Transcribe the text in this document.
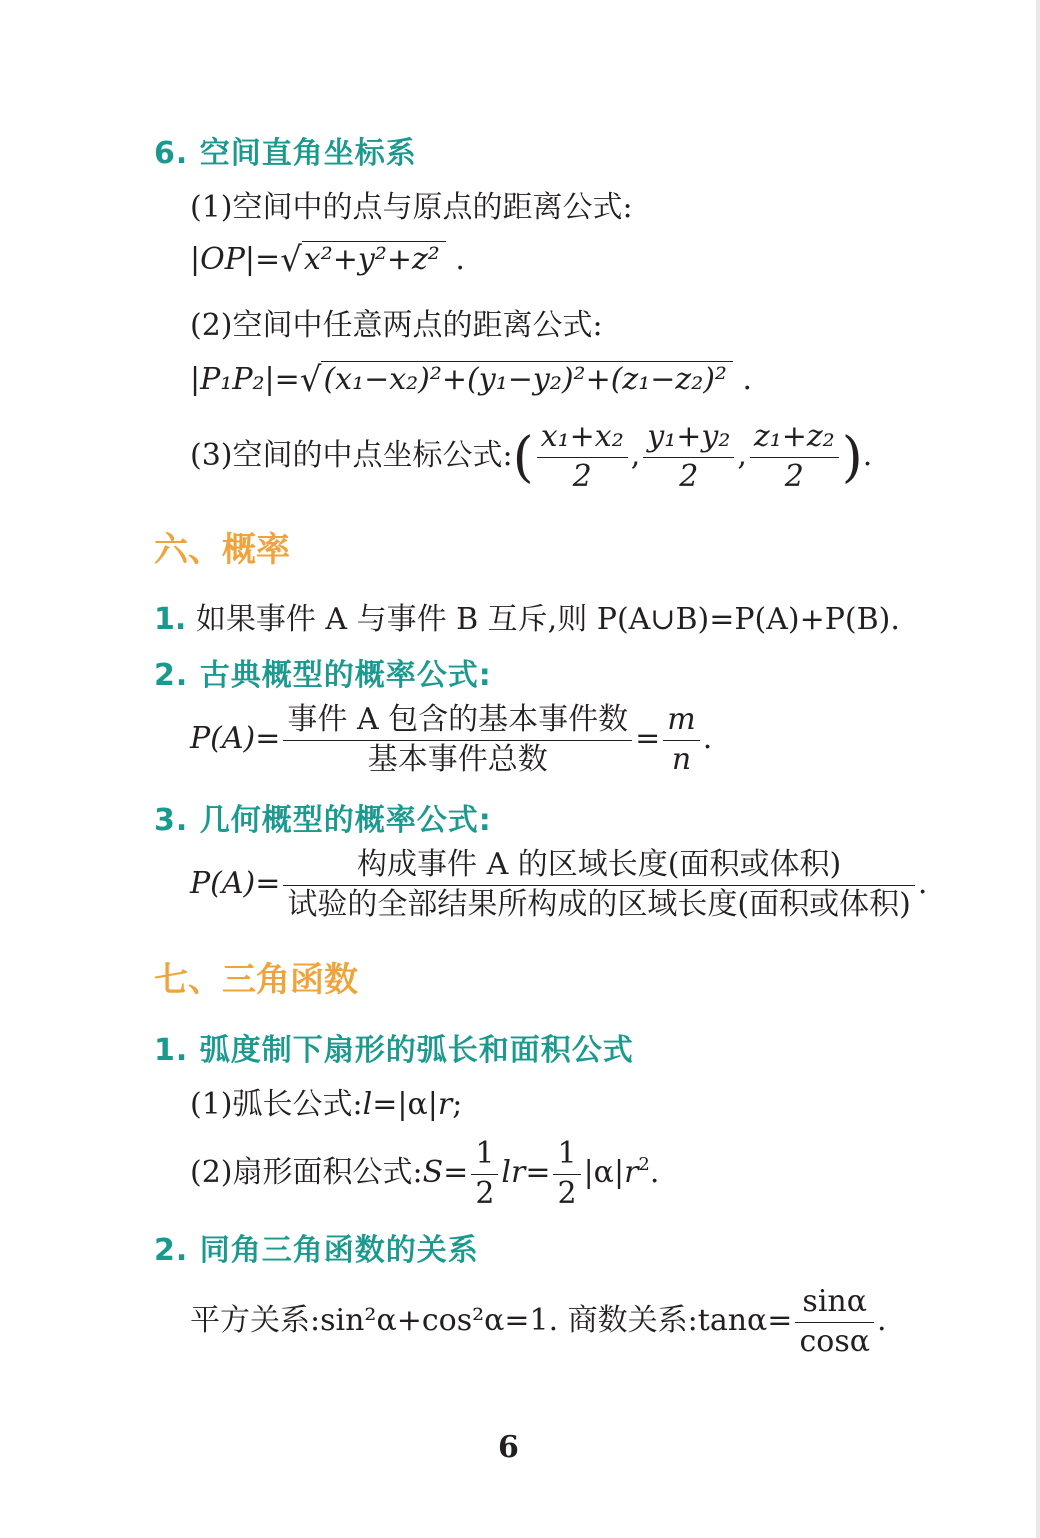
6. 空间直角坐标系
(1)空间中的点与原点的距离公式:
|OP|=√x²+y²+z² .
(2)空间中任意两点的距离公式:
|P₁P₂|=√(x₁−x₂)²+(y₁−y₂)²+(z₁−z₂)² .
(3)空间的中点坐标公式:( $\frac{\text{x₁+x₂}}{2}$ , $\frac{\text{y₁+y₂}}{2}$ , $\frac{\text{z₁+z₂}}{2}$ ).
六、概率
1. 如果事件 A 与事件 B 互斥,则 P(A∪B)=P(A)+P(B).
2. 古典概型的概率公式:
$P(A)= \frac{\text{事件 A 包含的基本事件数}}{\text{基本事件总数}} = \frac{m}{n}$ .
3. 几何概型的概率公式:
$P(A)= \frac{\text{构成事件 A 的区域长度(面积或体积)}}{\text{试验的全部结果所构成的区域长度(面积或体积)}}$ .
七、三角函数
1. 弧度制下扇形的弧长和面积公式
(1)弧长公式:l=|α|r;
(2)扇形面积公式:S= $\frac{1}{2} lr= \frac{1}{2} |\alpha|r^2$.
2. 同角三角函数的关系
平方关系:sin²α+cos²α=1. 商数关系:tanα= $\frac{\sin\alpha}{\cos\alpha}$ .
6
